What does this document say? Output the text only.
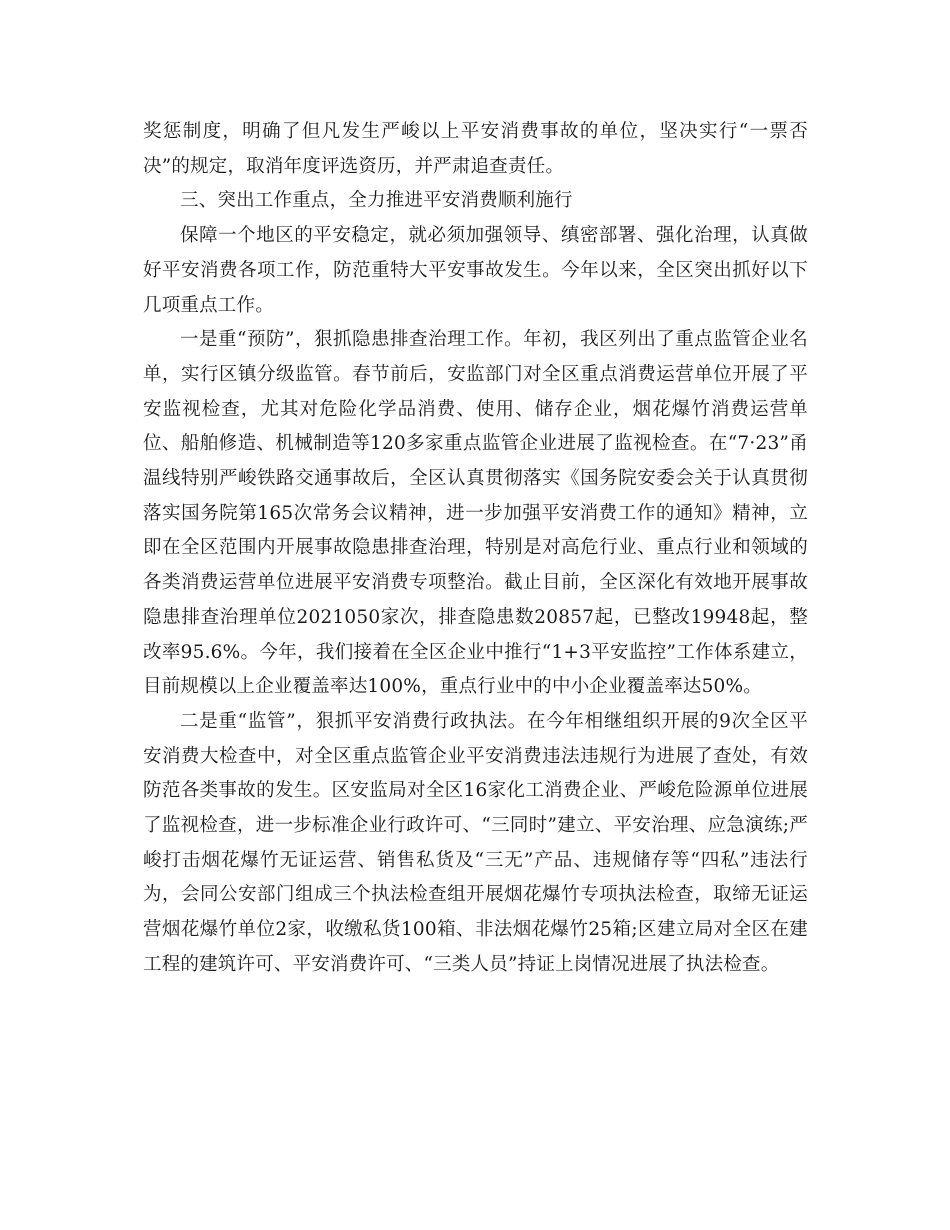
奖惩制度，明确了但凡发生严峻以上平安消费事故的单位，坚决实行“一票否决”的规定，取消年度评选资历，并严肃追查责任。

三、突出工作重点，全力推进平安消费顺利施行

保障一个地区的平安稳定，就必须加强领导、缜密部署、强化治理，认真做好平安消费各项工作，防范重特大平安事故发生。今年以来，全区突出抓好以下几项重点工作。

一是重“预防”，狠抓隐患排查治理工作。年初，我区列出了重点监管企业名单，实行区镇分级监管。春节前后，安监部门对全区重点消费运营单位开展了平安监视检查，尤其对危险化学品消费、使用、储存企业，烟花爆竹消费运营单位、船舶修造、机械制造等120多家重点监管企业进展了监视检查。在“7·23”甬温线特别严峻铁路交通事故后，全区认真贯彻落实《国务院安委会关于认真贯彻落实国务院第165次常务会议精神，进一步加强平安消费工作的通知》精神，立即在全区范围内开展事故隐患排查治理，特别是对高危行业、重点行业和领域的各类消费运营单位进展平安消费专项整治。截止目前，全区深化有效地开展事故隐患排查治理单位2021050家次，排查隐患数20857起，已整改19948起，整改率95.6%。今年，我们接着在全区企业中推行“1+3平安监控”工作体系建立，目前规模以上企业覆盖率达100%，重点行业中的中小企业覆盖率达50%。

二是重“监管”，狠抓平安消费行政执法。在今年相继组织开展的9次全区平安消费大检查中，对全区重点监管企业平安消费违法违规行为进展了查处，有效防范各类事故的发生。区安监局对全区16家化工消费企业、严峻危险源单位进展了监视检查，进一步标准企业行政许可、“三同时”建立、平安治理、应急演练;严峻打击烟花爆竹无证运营、销售私货及“三无”产品、违规储存等“四私”违法行为，会同公安部门组成三个执法检查组开展烟花爆竹专项执法检查，取缔无证运营烟花爆竹单位2家，收缴私货100箱、非法烟花爆竹25箱;区建立局对全区在建工程的建筑许可、平安消费许可、“三类人员”持证上岗情况进展了执法检查。
